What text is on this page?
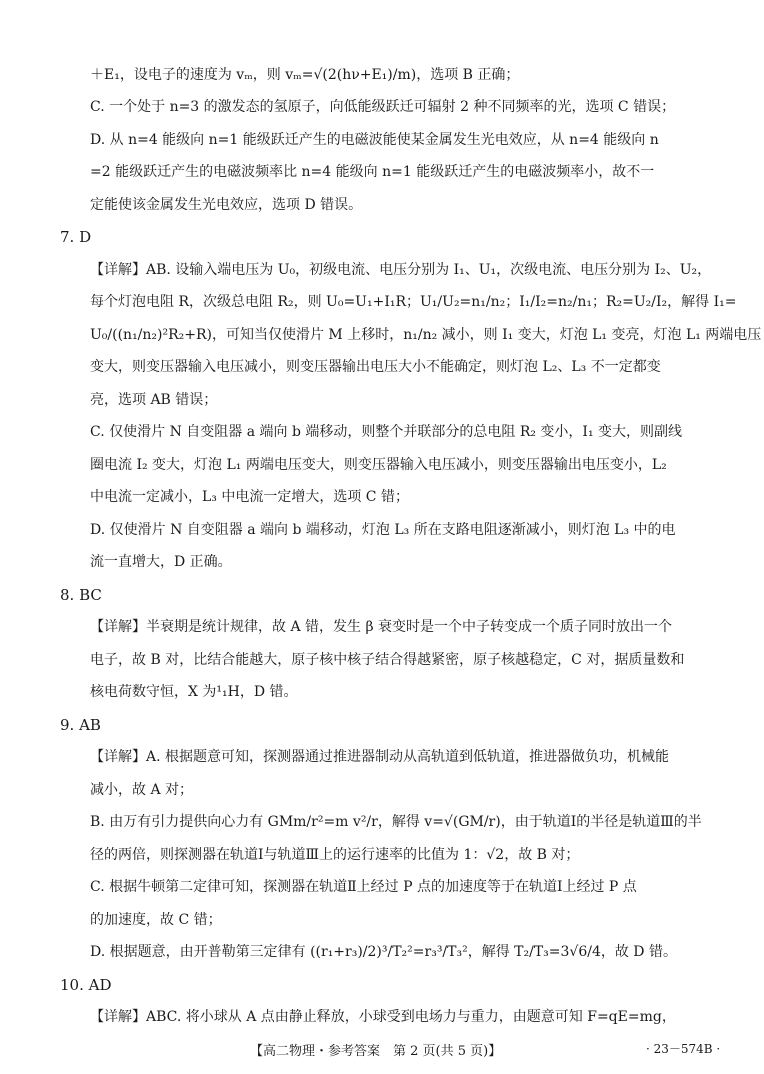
＋E₁，设电子的速度为 vₘ，则 vₘ=√(2(hν+E₁)/m)，选项 B 正确；
C. 一个处于 n=3 的激发态的氢原子，向低能级跃迁可辐射 2 种不同频率的光，选项 C 错误；
D. 从 n=4 能级向 n=1 能级跃迁产生的电磁波能使某金属发生光电效应，从 n=4 能级向 n
=2 能级跃迁产生的电磁波频率比 n=4 能级向 n=1 能级跃迁产生的电磁波频率小，故不一
定能使该金属发生光电效应，选项 D 错误。
7. D
【详解】AB. 设输入端电压为 U₀，初级电流、电压分别为 I₁、U₁，次级电流、电压分别为 I₂、U₂，
每个灯泡电阻 R，次级总电阻 R₂，则 U₀=U₁+I₁R；U₁/U₂=n₁/n₂；I₁/I₂=n₂/n₁；R₂=U₂/I₂，解得 I₁=
U₀/((n₁/n₂)²R₂+R)，可知当仅使滑片 M 上移时，n₁/n₂ 减小，则 I₁ 变大，灯泡 L₁ 变亮，灯泡 L₁ 两端电压
变大，则变压器输入电压减小，则变压器输出电压大小不能确定，则灯泡 L₂、L₃ 不一定都变
亮，选项 AB 错误；
C. 仅使滑片 N 自变阻器 a 端向 b 端移动，则整个并联部分的总电阻 R₂ 变小，I₁ 变大，则副线
圈电流 I₂ 变大，灯泡 L₁ 两端电压变大，则变压器输入电压减小，则变压器输出电压变小，L₂
中电流一定减小，L₃ 中电流一定增大，选项 C 错；
D. 仅使滑片 N 自变阻器 a 端向 b 端移动，灯泡 L₃ 所在支路电阻逐渐减小，则灯泡 L₃ 中的电
流一直增大，D 正确。
8. BC
【详解】半衰期是统计规律，故 A 错，发生 β 衰变时是一个中子转变成一个质子同时放出一个
电子，故 B 对，比结合能越大，原子核中核子结合得越紧密，原子核越稳定，C 对，据质量数和
核电荷数守恒，X 为¹₁H，D 错。
9. AB
【详解】A. 根据题意可知，探测器通过推进器制动从高轨道到低轨道，推进器做负功，机械能
减小，故 A 对；
B. 由万有引力提供向心力有 GMm/r²=m v²/r，解得 v=√(GM/r)，由于轨道Ⅰ的半径是轨道Ⅲ的半
径的两倍，则探测器在轨道Ⅰ与轨道Ⅲ上的运行速率的比值为 1：√2，故 B 对；
C. 根据牛顿第二定律可知，探测器在轨道Ⅱ上经过 P 点的加速度等于在轨道Ⅰ上经过 P 点
的加速度，故 C 错；
D. 根据题意，由开普勒第三定律有 ((r₁+r₃)/2)³/T₂²=r₃³/T₃²，解得 T₂/T₃=3√6/4，故 D 错。
10. AD
【详解】ABC. 将小球从 A 点由静止释放，小球受到电场力与重力，由题意可知 F=qE=mg，
【高二物理・参考答案　第 2 页(共 5 页)】	· 23－574B ·
